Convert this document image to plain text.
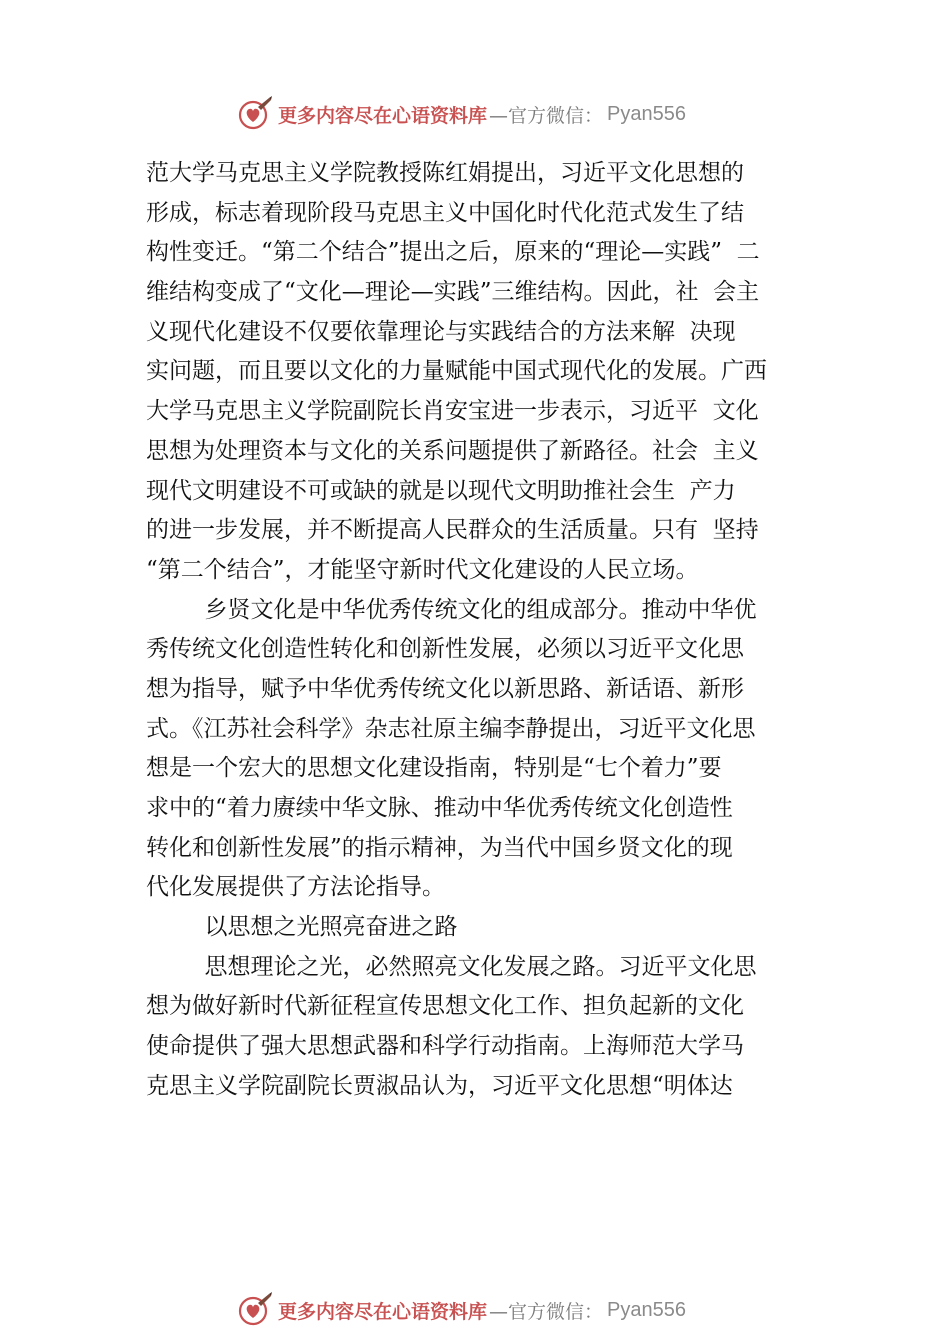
更多内容尽在心语资料库 —官方微信： Pyan556
范大学马克思主义学院教授陈红娟提出，习近平文化思想的
形成，标志着现阶段马克思主义中国化时代化范式发生了结
构性变迁。“第二个结合”提出之后，原来的“理论—实践”  二
维结构变成了“文化—理论—实践”三维结构。因此，社  会主
义现代化建设不仅要依靠理论与实践结合的方法来解  决现
实问题，而且要以文化的力量赋能中国式现代化的发展。广西
大学马克思主义学院副院长肖安宝进一步表示，习近平  文化
思想为处理资本与文化的关系问题提供了新路径。社会  主义
现代文明建设不可或缺的就是以现代文明助推社会生  产力
的进一步发展，并不断提高人民群众的生活质量。只有  坚持
“第二个结合”，才能坚守新时代文化建设的人民立场。
乡贤文化是中华优秀传统文化的组成部分。推动中华优
秀传统文化创造性转化和创新性发展，必须以习近平文化思
想为指导，赋予中华优秀传统文化以新思路、新话语、新形
式。《江苏社会科学》杂志社原主编李静提出，习近平文化思
想是一个宏大的思想文化建设指南，特别是“七个着力”要
求中的“着力赓续中华文脉、推动中华优秀传统文化创造性
转化和创新性发展”的指示精神，为当代中国乡贤文化的现
代化发展提供了方法论指导。
以思想之光照亮奋进之路
思想理论之光，必然照亮文化发展之路。习近平文化思
想为做好新时代新征程宣传思想文化工作、担负起新的文化
使命提供了强大思想武器和科学行动指南。上海师范大学马
克思主义学院副院长贾淑品认为，习近平文化思想“明体达
更多内容尽在心语资料库 —官方微信： Pyan556
